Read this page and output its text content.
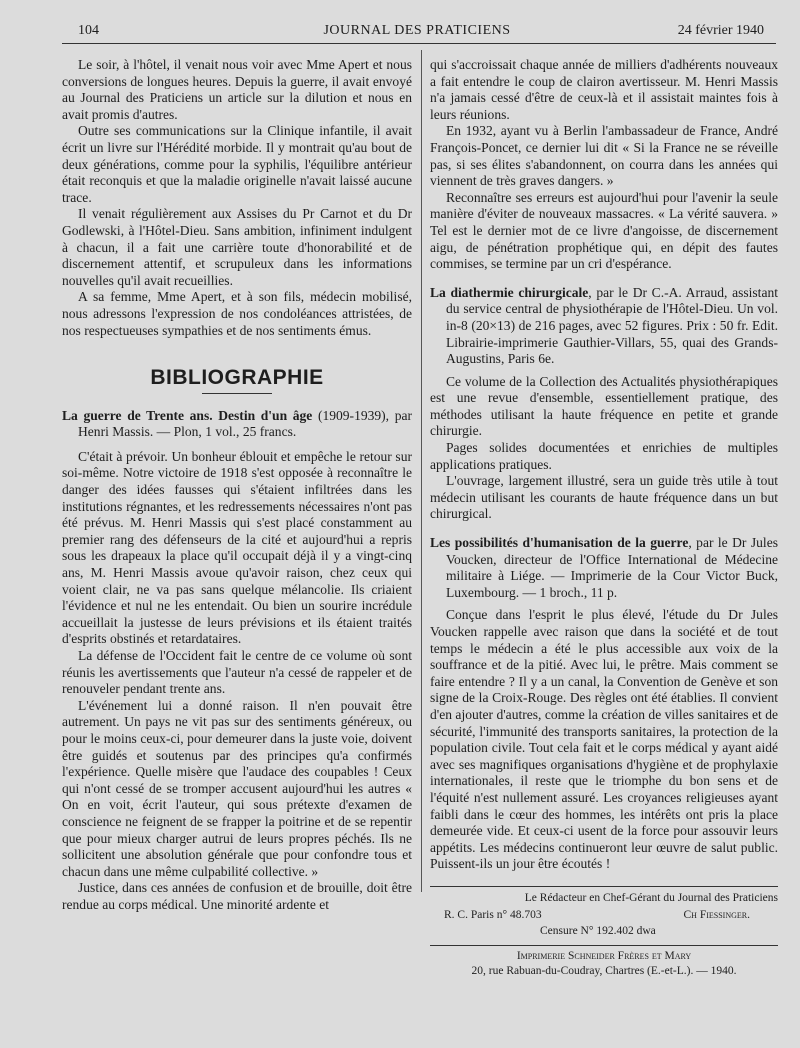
104	JOURNAL DES PRATICIENS	24 février 1940

Le soir, à l'hôtel, il venait nous voir avec Mme Apert et nous conversions de longues heures. Depuis la guerre, il avait envoyé au Journal des Praticiens un article sur la dilution et nous en avait promis d'autres.

Outre ses communications sur la Clinique infantile, il avait écrit un livre sur l'Hérédité morbide. Il y montrait qu'au bout de deux générations, comme pour la syphilis, l'équilibre antérieur était reconquis et que la maladie originelle n'avait laissé aucune trace.

Il venait régulièrement aux Assises du Pr Carnot et du Dr Godlewski, à l'Hôtel-Dieu. Sans ambition, infiniment indulgent à chacun, il a fait une carrière toute d'honorabilité et de discernement attentif, et scrupuleux dans les informations nouvelles qu'il avait recueillies.

A sa femme, Mme Apert, et à son fils, médecin mobilisé, nous adressons l'expression de nos condoléances attristées, de nos respectueuses sympathies et de nos sentiments émus.

BIBLIOGRAPHIE

La guerre de Trente ans. Destin d'un âge (1909-1939), par Henri Massis. — Plon, 1 vol., 25 francs.

C'était à prévoir. Un bonheur éblouit et empêche le retour sur soi-même. Notre victoire de 1918 s'est opposée à reconnaître le danger des idées fausses qui s'étaient infiltrées dans les institutions régnantes, et les redressements nécessaires n'ont pas été prévus. M. Henri Massis qui s'est placé constamment au premier rang des défenseurs de la cité et aujourd'hui a repris sous les drapeaux la place qu'il occupait déjà il y a vingt-cinq ans, M. Henri Massis avoue qu'avoir raison, chez ceux qui voient clair, ne va pas sans quelque mélancolie. Ils criaient l'évidence et nul ne les entendait. Ou bien un sourire incrédule accueillait la justesse de leurs prévisions et ils étaient traités d'esprits obstinés et retardataires.

La défense de l'Occident fait le centre de ce volume où sont réunis les avertissements que l'auteur n'a cessé de rappeler et de renouveler pendant trente ans.

L'événement lui a donné raison. Il n'en pouvait être autrement. Un pays ne vit pas sur des sentiments généreux, ou pour le moins ceux-ci, pour demeurer dans la juste voie, doivent être guidés et soutenus par des principes qu'a confirmés l'expérience. Quelle misère que l'audace des coupables ! Ceux qui n'ont cessé de se tromper accusent aujourd'hui les autres « On en voit, écrit l'auteur, qui sous prétexte d'examen de conscience ne feignent de se frapper la poitrine et de se repentir que pour mieux charger autrui de leurs propres péchés. Ils ne sollicitent une absolution générale que pour confondre tous et chacun dans une même culpabilité collective. »

Justice, dans ces années de confusion et de brouille, doit être rendue au corps médical. Une minorité ardente et

qui s'accroissait chaque année de milliers d'adhérents nouveaux a fait entendre le coup de clairon avertisseur. M. Henri Massis n'a jamais cessé d'être de ceux-là et il assistait maintes fois à leurs réunions.

En 1932, ayant vu à Berlin l'ambassadeur de France, André François-Poncet, ce dernier lui dit « Si la France ne se réveille pas, si ses élites s'abandonnent, on courra dans les années qui viennent de très graves dangers. »

Reconnaître ses erreurs est aujourd'hui pour l'avenir la seule manière d'éviter de nouveaux massacres. « La vérité sauvera. » Tel est le dernier mot de ce livre d'angoisse, de discernement aigu, de pénétration prophétique qui, en dépit des fautes commises, se termine par un cri d'espérance.

La diathermie chirurgicale, par le Dr C.-A. Arraud, assistant du service central de physiothérapie de l'Hôtel-Dieu. Un vol. in-8 (20×13) de 216 pages, avec 52 figures. Prix : 50 fr. Edit. Librairie-imprimerie Gauthier-Villars, 55, quai des Grands-Augustins, Paris 6e.

Ce volume de la Collection des Actualités physiothérapiques est une revue d'ensemble, essentiellement pratique, des méthodes utilisant la haute fréquence en petite et grande chirurgie.

Pages solides documentées et enrichies de multiples applications pratiques.

L'ouvrage, largement illustré, sera un guide très utile à tout médecin utilisant les courants de haute fréquence dans un but chirurgical.

Les possibilités d'humanisation de la guerre, par le Dr Jules Voucken, directeur de l'Office International de Médecine militaire à Liége. — Imprimerie de la Cour Victor Buck, Luxembourg. — 1 broch., 11 p.

Conçue dans l'esprit le plus élevé, l'étude du Dr Jules Voucken rappelle avec raison que dans la société et de tout temps le médecin a été le plus accessible aux voix de la souffrance et de la pitié. Avec lui, le prêtre. Mais comment se faire entendre ? Il y a un canal, la Convention de Genève et son signe de la Croix-Rouge. Des règles ont été établies. Il convient d'en ajouter d'autres, comme la création de villes sanitaires et de sécurité, l'immunité des transports sanitaires, la protection de la population civile. Tout cela fait et le corps médical y ayant aidé avec ses magnifiques organisations d'hygiène et de prophylaxie internationales, il reste que le triomphe du bon sens et de l'équité n'est nullement assuré. Les croyances religieuses ayant faibli dans le cœur des hommes, les intérêts ont pris la place demeurée vide. Et ceux-ci usent de la force pour assouvir leurs appétits. Les médecins continueront leur œuvre de salut public. Puissent-ils un jour être écoutés !

Le Rédacteur en Chef-Gérant du Journal des Praticiens
R. C. Paris n° 48.703	Ch Fiessinger.
Censure N° 192.402 dwa
Imprimerie Schneider Frères et Mary
20, rue Rabuan-du-Coudray, Chartres (E.-et-L.). — 1940.
